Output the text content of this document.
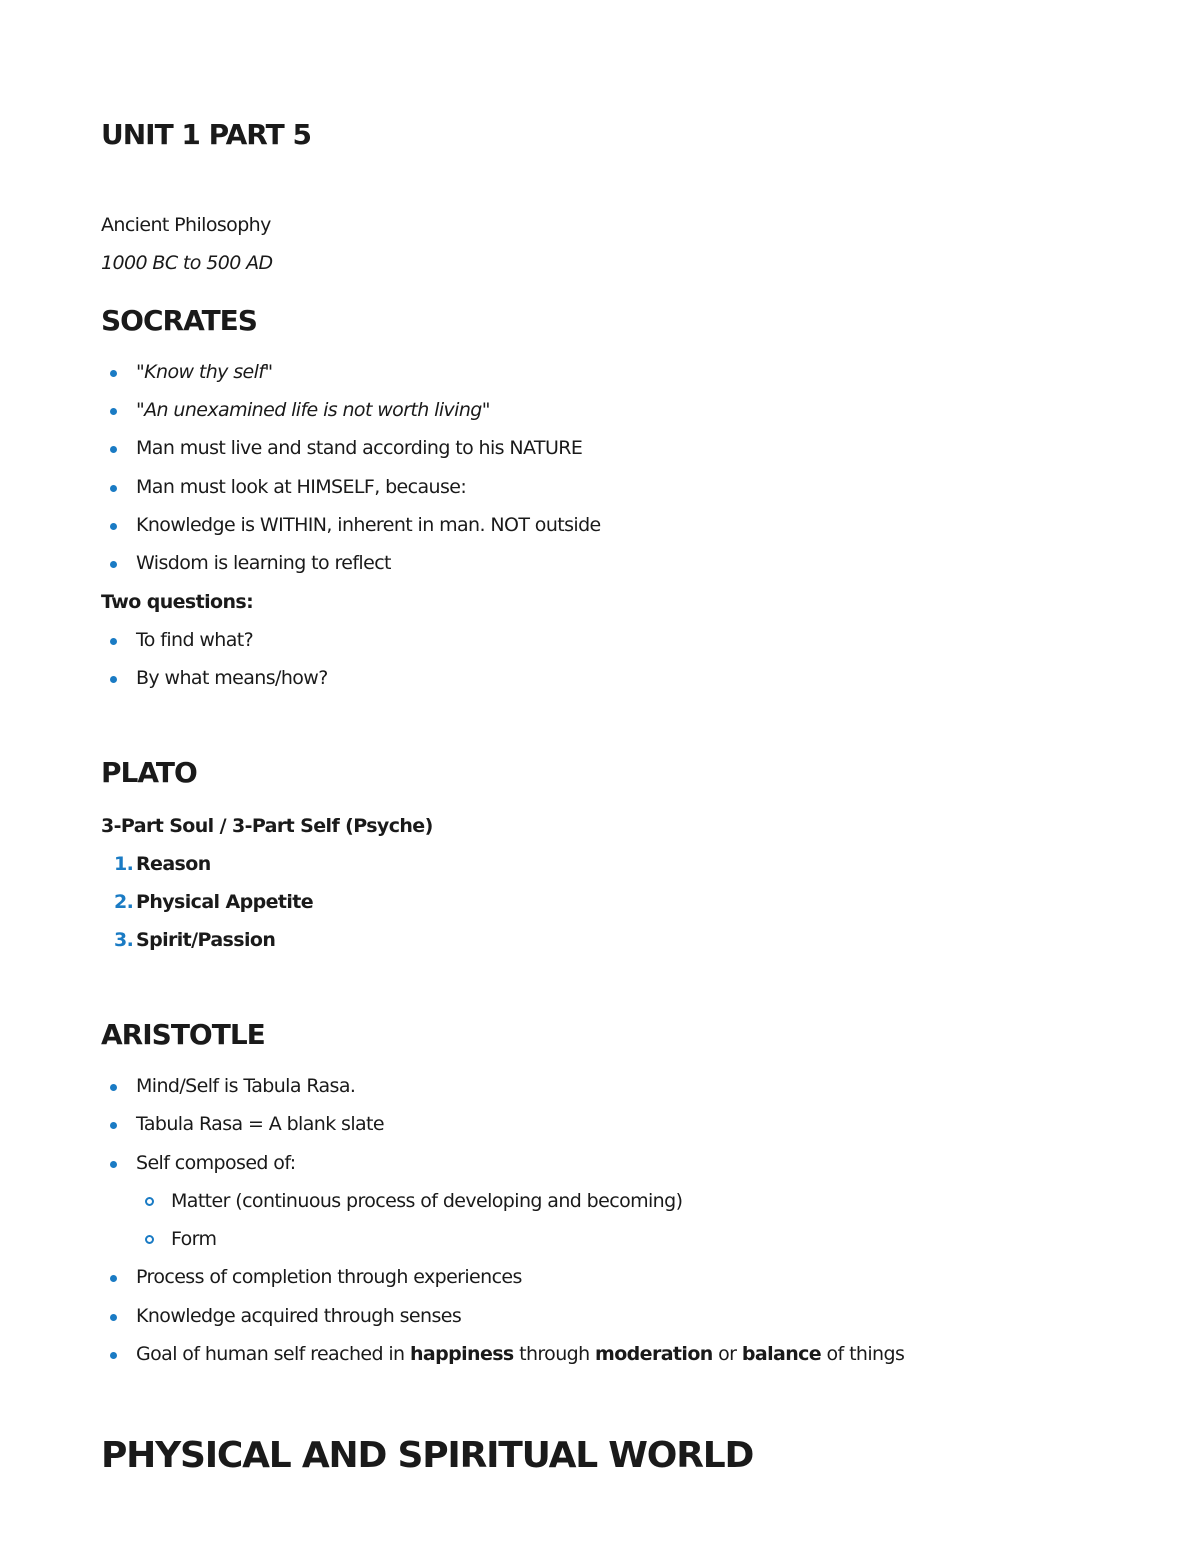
UNIT 1 PART 5
Ancient Philosophy
1000 BC to 500 AD
SOCRATES
"Know thy self"
"An unexamined life is not worth living"
Man must live and stand according to his NATURE
Man must look at HIMSELF, because:
Knowledge is WITHIN, inherent in man. NOT outside
Wisdom is learning to reflect
Two questions:
To find what?
By what means/how?
PLATO
3-Part Soul / 3-Part Self (Psyche)
1. Reason
2. Physical Appetite
3. Spirit/Passion
ARISTOTLE
Mind/Self is Tabula Rasa.
Tabula Rasa = A blank slate
Self composed of:
Matter (continuous process of developing and becoming)
Form
Process of completion through experiences
Knowledge acquired through senses
Goal of human self reached in happiness through moderation or balance of things
PHYSICAL AND SPIRITUAL WORLD
